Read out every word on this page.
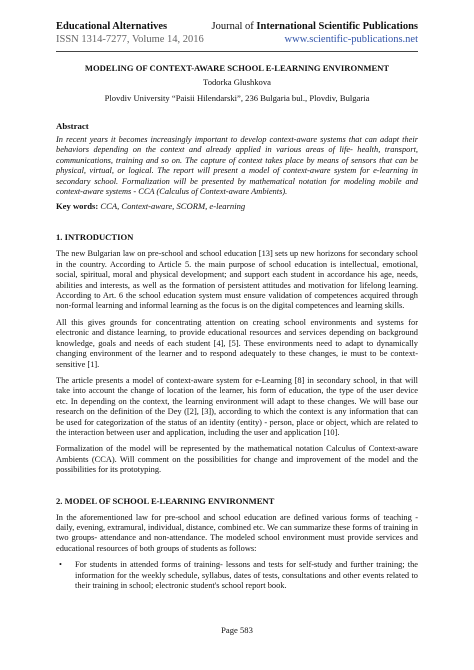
Educational Alternatives
ISSN 1314-7277, Volume 14, 2016
Journal of International Scientific Publications
www.scientific-publications.net
MODELING OF CONTEXT-AWARE SCHOOL E-LEARNING ENVIRONMENT
Todorka Glushkova
Plovdiv University “Paisii Hilendarski”, 236 Bulgaria bul., Plovdiv, Bulgaria
Abstract
In recent years it becomes increasingly important to develop context-aware systems that can adapt their behaviors depending on the context and already applied in various areas of life- health, transport, communications, training and so on. The capture of context takes place by means of sensors that can be physical, virtual, or logical. The report will present a model of context-aware system for e-learning in secondary school. Formalization will be presented by mathematical notation for modeling mobile and context-aware systems - CCA (Calculus of Context-aware Ambients).
Key words: CCA, Context-aware, SCORM, e-learning
1. INTRODUCTION
The new Bulgarian law on pre-school and school education [13] sets up new horizons for secondary school in the country. According to Article 5. the main purpose of school education is intellectual, emotional, social, spiritual, moral and physical development; and support each student in accordance his age, needs, abilities and interests, as well as the formation of persistent attitudes and motivation for lifelong learning. According to Art. 6 the school education system must ensure validation of competences acquired through non-formal learning and informal learning as the focus is on the digital competences and learning skills.
All this gives grounds for concentrating attention on creating school environments and systems for electronic and distance learning, to provide educational resources and services depending on background knowledge, goals and needs of each student [4], [5]. These environments need to adapt to dynamically changing environment of the learner and to respond adequately to these changes, ie must to be context-sensitive [1].
The article presents a model of context-aware system for e-Learning [8] in secondary school, in that will take into account the change of location of the learner, his form of education, the type of the user device etc. In depending on the context, the learning environment will adapt to these changes. We will base our research on the definition of the Dey ([2], [3]), according to which the context is any information that can be used for categorization of the status of an identity (entity) - person, place or object, which are related to the interaction between user and application, including the user and application [10].
Formalization of the model will be represented by the mathematical notation Calculus of Context-aware Ambients (CCA). Will comment on the possibilities for change and improvement of the model and the possibilities for its prototyping.
2. MODEL OF SCHOOL E-LEARNING ENVIRONMENT
In the aforementioned law for pre-school and school education are defined various forms of teaching - daily, evening, extramural, individual, distance, combined etc. We can summarize these forms of training in two groups- attendance and non-attendance. The modeled school environment must provide services and educational resources of both groups of students as follows:
• For students in attended forms of training- lessons and tests for self-study and further training; the information for the weekly schedule, syllabus, dates of tests, consultations and other events related to their training in school; electronic student's school report book.
Page 583
